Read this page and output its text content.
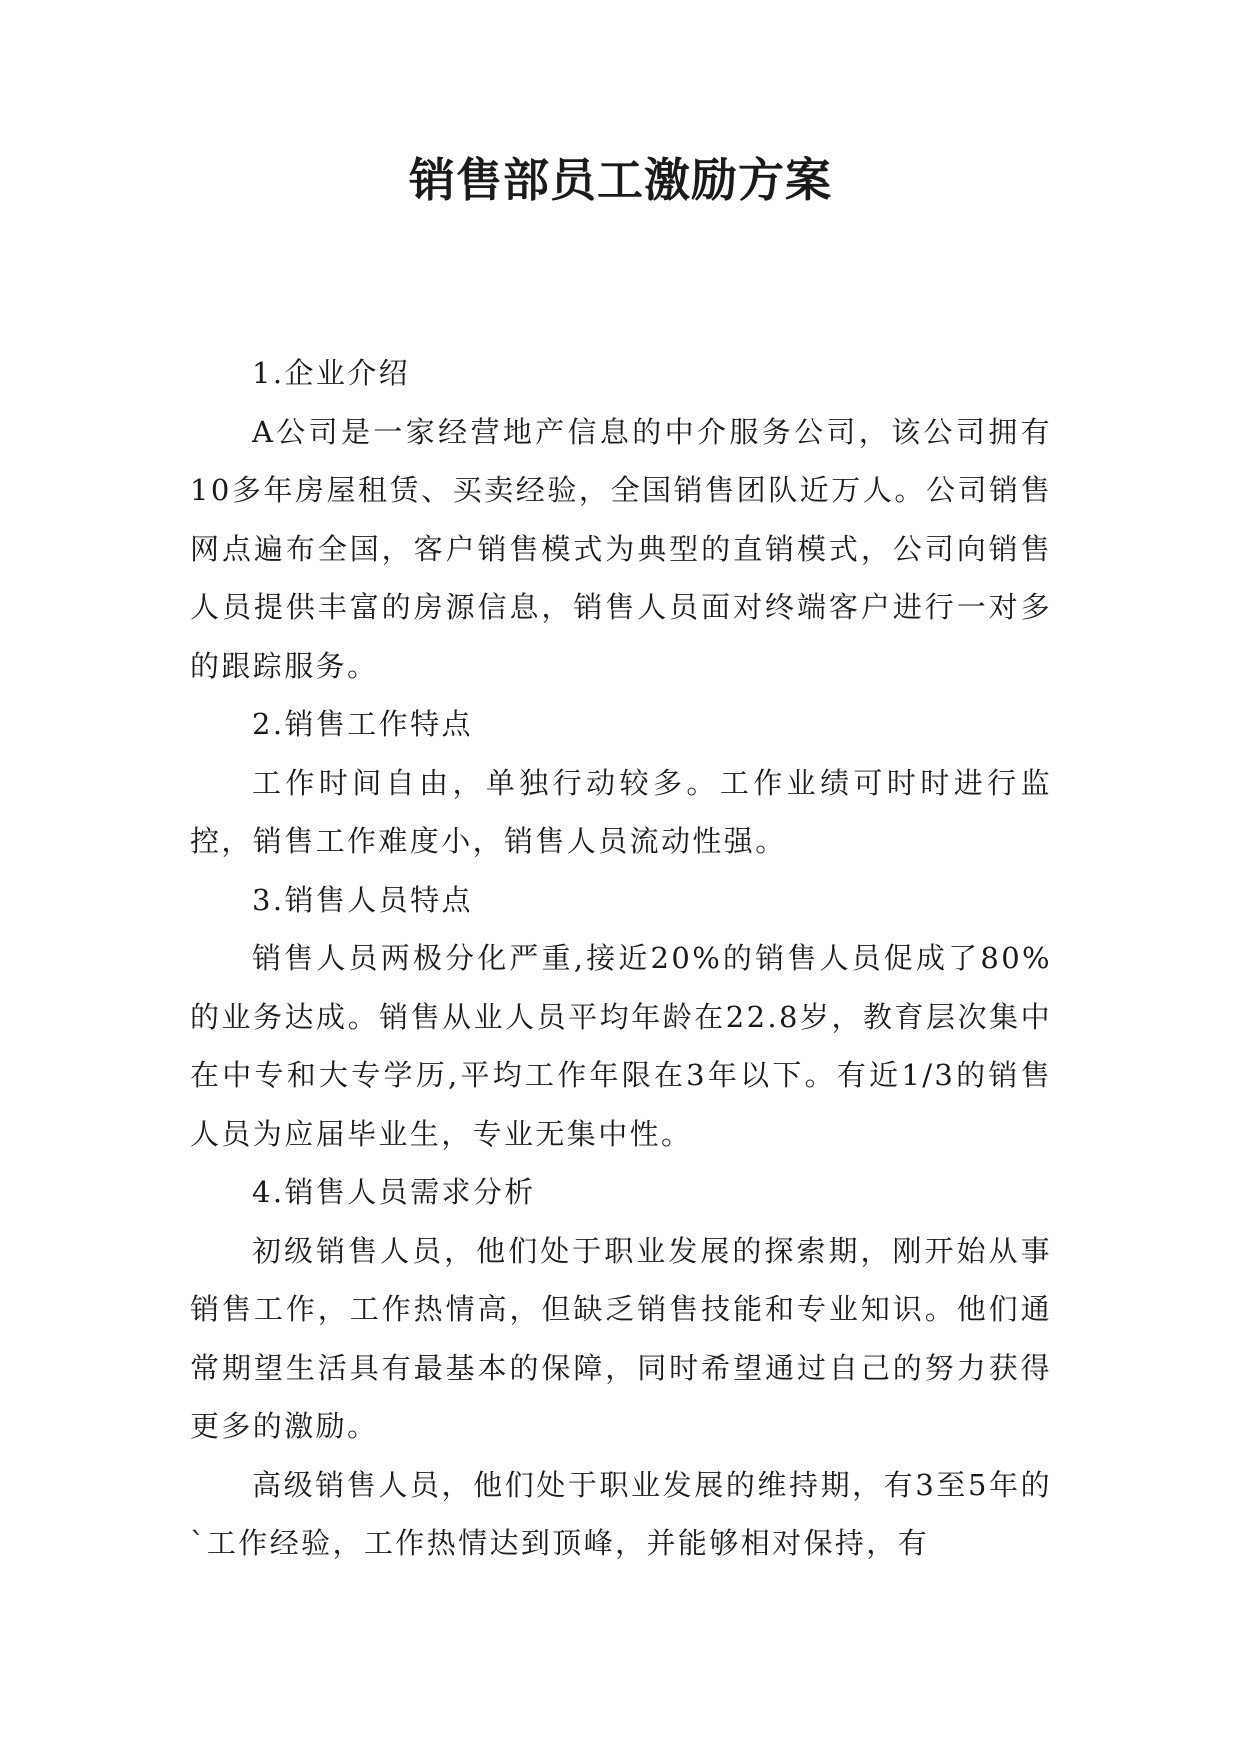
销售部员工激励方案

1.企业介绍

A公司是一家经营地产信息的中介服务公司，该公司拥有10多年房屋租赁、买卖经验，全国销售团队近万人。公司销售网点遍布全国，客户销售模式为典型的直销模式，公司向销售人员提供丰富的房源信息，销售人员面对终端客户进行一对多的跟踪服务。

2.销售工作特点

工作时间自由，单独行动较多。工作业绩可时时进行监控，销售工作难度小，销售人员流动性强。

3.销售人员特点

销售人员两极分化严重,接近20%的销售人员促成了80%的业务达成。销售从业人员平均年龄在22.8岁，教育层次集中在中专和大专学历,平均工作年限在3年以下。有近1/3的销售人员为应届毕业生，专业无集中性。

4.销售人员需求分析

初级销售人员，他们处于职业发展的探索期，刚开始从事销售工作，工作热情高，但缺乏销售技能和专业知识。他们通常期望生活具有最基本的保障，同时希望通过自己的努力获得更多的激励。

高级销售人员，他们处于职业发展的维持期，有3至5年的`工作经验，工作热情达到顶峰，并能够相对保持，有
